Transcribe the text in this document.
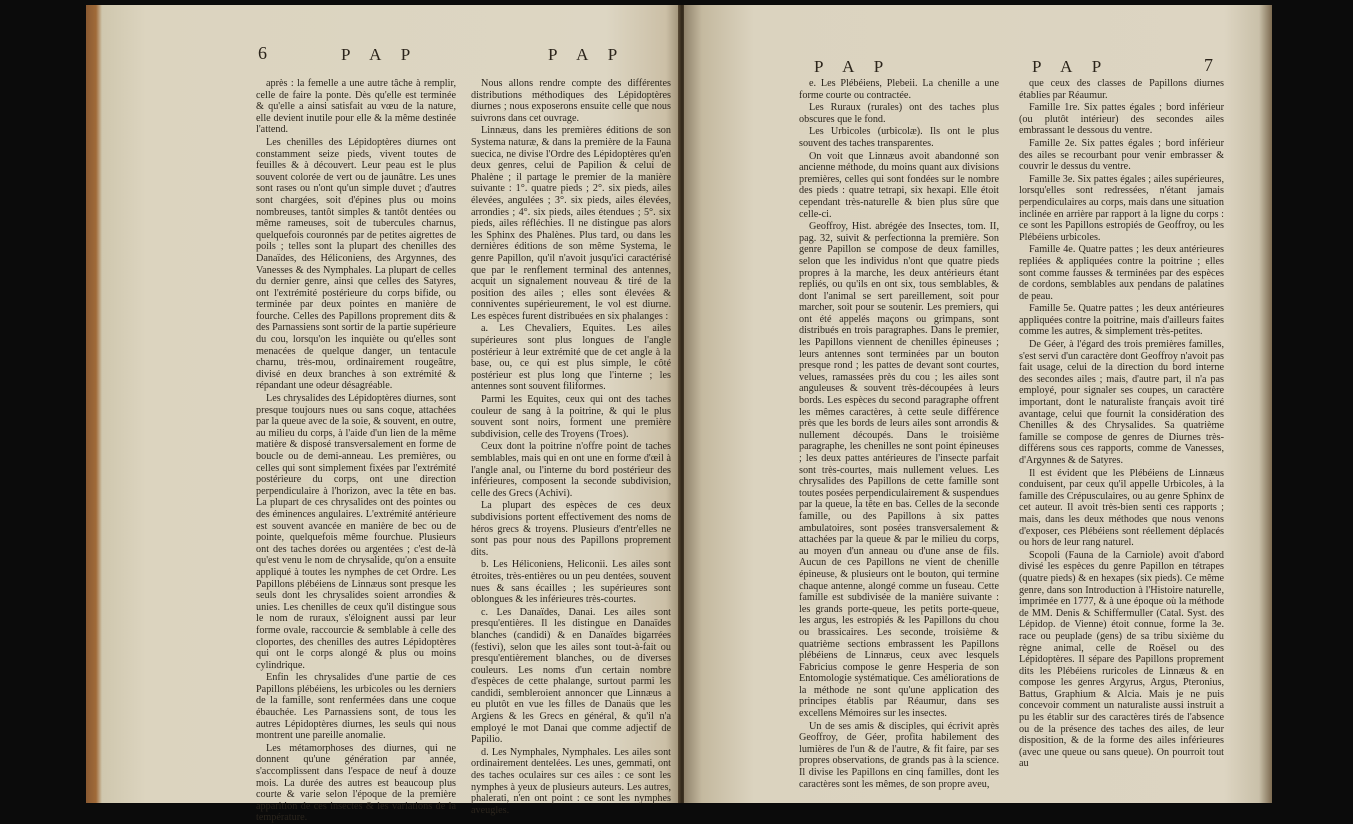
6	P A P	P A P

après : la femelle a une autre tâche à remplir, celle de faire la ponte. Dès qu'elle est terminée & qu'elle a ainsi satisfait au vœu de la nature, elle devient inutile pour elle & la même destinée l'attend.

Les chenilles des Lépidoptères diurnes ont constamment seize pieds, vivent toutes de feuilles & à découvert. Leur peau est le plus souvent colorée de vert ou de jaunâtre. Les unes sont rases ou n'ont qu'un simple duvet ; d'autres sont chargées, soit d'épines plus ou moins nombreuses, tantôt simples & tantôt dentées ou même rameuses, soit de tubercules charnus, quelquefois couronnés par de petites aigrettes de poils ; telles sont la plupart des chenilles des Danaïdes, des Héliconiens, des Argynnes, des Vanesses & des Nymphales. La plupart de celles du dernier genre, ainsi que celles des Satyres, ont l'extrémité postérieure du corps bifide, ou terminée par deux pointes en manière de fourche. Celles des Papillons proprement dits & des Parnassiens sont sortir de la partie supérieure du cou, lorsqu'on les inquiète ou qu'elles sont menacées de quelque danger, un tentacule charnu, très-mou, ordinairement rougeâtre, divisé en deux branches à son extrémité & répandant une odeur désagréable.

Les chrysalides des Lépidoptères diurnes, sont presque toujours nues ou sans coque, attachées par la queue avec de la soie, & souvent, en outre, au milieu du corps, à l'aide d'un lien de la même matière & disposé transversalement en forme de boucle ou de demi-anneau. Les premières, ou celles qui sont simplement fixées par l'extrémité postérieure du corps, ont une direction perpendiculaire à l'horizon, avec la tête en bas. La plupart de ces chrysalides ont des pointes ou des éminences angulaires. L'extrémité antérieure est souvent avancée en manière de bec ou de pointe, quelquefois même fourchue. Plusieurs ont des taches dorées ou argentées ; c'est de-là qu'est venu le nom de chrysalide, qu'on a ensuite appliqué à toutes les nymphes de cet Ordre. Les Papillons plébéiens de Linnæus sont presque les seuls dont les chrysalides soient arrondies & unies. Les chenilles de ceux qu'il distingue sous le nom de ruraux, s'éloignent aussi par leur forme ovale, raccourcie & semblable à celle des cloportes, des chenilles des autres Lépidoptères qui ont le corps alongé & plus ou moins cylindrique.

Enfin les chrysalides d'une partie de ces Papillons plébéiens, les urbicoles ou les derniers de la famille, sont renfermées dans une coque ébauchée. Les Parnassiens sont, de tous les autres Lépidoptères diurnes, les seuls qui nous montrent une pareille anomalie.

Les métamorphoses des diurnes, qui ne donnent qu'une génération par année, s'accomplissent dans l'espace de neuf à douze mois. La durée des autres est beaucoup plus courte & varie selon l'époque de la première apparition de ces insectes & les variations de la température.

Nous allons rendre compte des différentes distributions méthodiques des Lépidoptères diurnes ; nous exposerons ensuite celle que nous suivrons dans cet ouvrage.

Linnæus, dans les premières éditions de son Systema naturæ, & dans la première de la Fauna suecica, ne divise l'Ordre des Lépidoptères qu'en deux genres, celui de Papilion & celui de Phalène ; il partage le premier de la manière suivante : 1°. quatre pieds ; 2°. six pieds, ailes élevées, angulées ; 3°. six pieds, ailes élevées, arrondies ; 4°. six pieds, ailes étendues ; 5°. six pieds, ailes réfléchies. Il ne distingue pas alors les Sphinx des Phalènes. Plus tard, ou dans les dernières éditions de son même Systema, le genre Papillon, qu'il n'avoit jusqu'ici caractérisé que par le renflement terminal des antennes, acquit un signalement nouveau & tiré de la position des ailes ; elles sont élevées & conniventes supérieurement, le vol est diurne. Les espèces furent distribuées en six phalanges :

a. Les Chevaliers, Equites. Les ailes supérieures sont plus longues de l'angle postérieur à leur extrémité que de cet angle à la base, ou, ce qui est plus simple, le côté postérieur est plus long que l'interne ; les antennes sont souvent filiformes.

Parmi les Equites, ceux qui ont des taches couleur de sang à la poitrine, & qui le plus souvent sont noirs, forment une première subdivision, celle des Troyens (Troes).

Ceux dont la poitrine n'offre point de taches semblables, mais qui en ont une en forme d'œil à l'angle anal, ou l'interne du bord postérieur des inférieures, composent la seconde subdivision, celle des Grecs (Achivi).

La plupart des espèces de ces deux subdivisions portent effectivement des noms de héros grecs & troyens. Plusieurs d'entr'elles ne sont pas pour nous des Papillons proprement dits.

b. Les Héliconiens, Heliconii. Les ailes sont étroites, très-entières ou un peu dentées, souvent nues & sans écailles ; les supérieures sont oblongues & les inférieures très-courtes.

c. Les Danaïdes, Danai. Les ailes sont presqu'entières. Il les distingue en Danaïdes blanches (candidi) & en Danaïdes bigarrées (festivi), selon que les ailes sont tout-à-fait ou presqu'entièrement blanches, ou de diverses couleurs. Les noms d'un certain nombre d'espèces de cette phalange, surtout parmi les candidi, sembleroient annoncer que Linnæus a eu plutôt en vue les filles de Danaüs que les Argiens & les Grecs en général, & qu'il n'a employé le mot Danai que comme adjectif de Papilio.

d. Les Nymphales, Nymphales. Les ailes sont ordinairement dentelées. Les unes, gemmati, ont des taches oculaires sur ces ailes : ce sont les nymphes à yeux de plusieurs auteurs. Les autres, phalerati, n'en ont point : ce sont les nymphes aveugles.

P A P	P A P	7

e. Les Plébéiens, Plebeii. La chenille a une forme courte ou contractée.

Les Ruraux (rurales) ont des taches plus obscures que le fond.

Les Urbicoles (urbicolæ). Ils ont le plus souvent des taches transparentes.

On voit que Linnæus avoit abandonné son ancienne méthode, du moins quant aux divisions premières, celles qui sont fondées sur le nombre des pieds : quatre tetrapi, six hexapi. Elle étoit cependant très-naturelle & bien plus sûre que celle-ci.

Geoffroy, Hist. abrégée des Insectes, tom. II, pag. 32, suivit & perfectionna la première. Son genre Papillon se compose de deux familles, selon que les individus n'ont que quatre pieds propres à la marche, les deux antérieurs étant repliés, ou qu'ils en ont six, tous semblables, & dont l'animal se sert pareillement, soit pour marcher, soit pour se soutenir. Les premiers, qui ont été appelés maçons ou grimpans, sont distribués en trois paragraphes. Dans le premier, les Papillons viennent de chenilles épineuses ; leurs antennes sont terminées par un bouton presque rond ; les pattes de devant sont courtes, velues, ramassées près du cou ; les ailes sont anguleuses & souvent très-découpées à leurs bords. Les espèces du second paragraphe offrent les mêmes caractères, à cette seule différence près que les bords de leurs ailes sont arrondis & nullement découpés. Dans le troisième paragraphe, les chenilles ne sont point épineuses ; les deux pattes antérieures de l'insecte parfait sont très-courtes, mais nullement velues. Les chrysalides des Papillons de cette famille sont toutes posées perpendiculairement & suspendues par la queue, la tête en bas. Celles de la seconde famille, ou des Papillons à six pattes ambulatoires, sont posées transversalement & attachées par la queue & par le milieu du corps, au moyen d'un anneau ou d'une anse de fils. Aucun de ces Papillons ne vient de chenille épineuse, & plusieurs ont le bouton, qui termine chaque antenne, alongé comme un fuseau. Cette famille est subdivisée de la manière suivante : les grands porte-queue, les petits porte-queue, les argus, les estropiés & les Papillons du chou ou brassicaires. Les seconde, troisième & quatrième sections embrassent les Papillons plébéiens de Linnæus, ceux avec lesquels Fabricius compose le genre Hesperia de son Entomologie systématique. Ces améliorations de la méthode ne sont qu'une application des principes établis par Réaumur, dans ses excellens Mémoires sur les insectes.

Un de ses amis & disciples, qui écrivit après Geoffroy, de Géer, profita habilement des lumières de l'un & de l'autre, & fit faire, par ses propres observations, de grands pas à la science. Il divise les Papillons en cinq familles, dont les caractères sont les mêmes, de son propre aveu,

que ceux des classes de Papillons diurnes établies par Réaumur.

Famille 1re. Six pattes égales ; bord inférieur (ou plutôt intérieur) des secondes ailes embrassant le dessous du ventre.

Famille 2e. Six pattes égales ; bord inférieur des ailes se recourbant pour venir embrasser & couvrir le dessus du ventre.

Famille 3e. Six pattes égales ; ailes supérieures, lorsqu'elles sont redressées, n'étant jamais perpendiculaires au corps, mais dans une situation inclinée en arrière par rapport à la ligne du corps : ce sont les Papillons estropiés de Geoffroy, ou les Plébéiens urbicoles.

Famille 4e. Quatre pattes ; les deux antérieures repliées & appliquées contre la poitrine ; elles sont comme fausses & terminées par des espèces de cordons, semblables aux pendans de palatines de peau.

Famille 5e. Quatre pattes ; les deux antérieures appliquées contre la poitrine, mais d'ailleurs faites comme les autres, & simplement très-petites.

De Géer, à l'égard des trois premières familles, s'est servi d'un caractère dont Geoffroy n'avoit pas fait usage, celui de la direction du bord interne des secondes ailes ; mais, d'autre part, il n'a pas employé, pour signaler ses coupes, un caractère important, dont le naturaliste français avoit tiré avantage, celui que fournit la considération des Chenilles & des Chrysalides. Sa quatrième famille se compose de genres de Diurnes très-différens sous ces rapports, comme de Vanesses, d'Argynnes & de Satyres.

Il est évident que les Plébéiens de Linnæus conduisent, par ceux qu'il appelle Urbicoles, à la famille des Crépusculaires, ou au genre Sphinx de cet auteur. Il avoit très-bien senti ces rapports ; mais, dans les deux méthodes que nous venons d'exposer, ces Plébéiens sont réellement déplacés ou hors de leur rang naturel.

Scopoli (Fauna de la Carniole) avoit d'abord divisé les espèces du genre Papillon en tétrapes (quatre pieds) & en hexapes (six pieds). Ce même genre, dans son Introduction à l'Histoire naturelle, imprimée en 1777, & à une époque où la méthode de MM. Denis & Schiffermuller (Catal. Syst. des Lépidop. de Vienne) étoit connue, forme la 3e. race ou peuplade (gens) de sa tribu sixième du règne animal, celle de Roësel ou des Lépidoptères. Il sépare des Papillons proprement dits les Plébéiens ruricoles de Linnæus & en compose les genres Argyrus, Argus, Pteronius, Battus, Graphium & Alcia. Mais je ne puis concevoir comment un naturaliste aussi instruit a pu les établir sur des caractères tirés de l'absence ou de la présence des taches des ailes, de leur disposition, & de la forme des ailes inférieures (avec une queue ou sans queue). On pourroit tout au
